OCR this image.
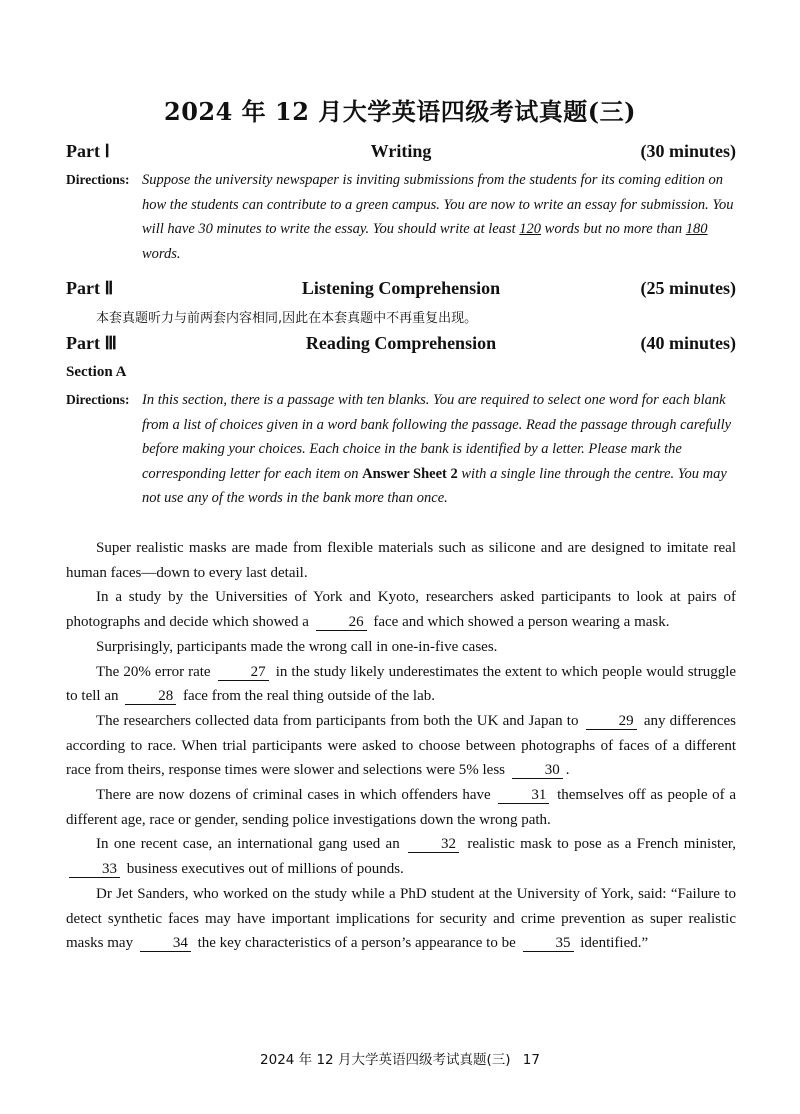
2024 年 12 月大学英语四级考试真题(三)
Writing
Part Ⅰ	(30 minutes)
Directions: Suppose the university newspaper is inviting submissions from the students for its coming edition on how the students can contribute to a green campus. You are now to write an essay for submission. You will have 30 minutes to write the essay. You should write at least 120 words but no more than 180 words.
Listening Comprehension
Part Ⅱ	(25 minutes)
本套真题听力与前两套内容相同,因此在本套真题中不再重复出现。
Reading Comprehension
Part Ⅲ	(40 minutes)
Section A
Directions: In this section, there is a passage with ten blanks. You are required to select one word for each blank from a list of choices given in a word bank following the passage. Read the passage through carefully before making your choices. Each choice in the bank is identified by a letter. Please mark the corresponding letter for each item on Answer Sheet 2 with a single line through the centre. You may not use any of the words in the bank more than once.

Super realistic masks are made from flexible materials such as silicone and are designed to imitate real human faces—down to every last detail.

In a study by the Universities of York and Kyoto, researchers asked participants to look at pairs of photographs and decide which showed a	26 face and which showed a person wearing a mask.

Surprisingly, participants made the wrong call in one-in-five cases.

The 20% error rate	27 in the study likely underestimates the extent to which people would struggle to tell an	28 face from the real thing outside of the lab.

The researchers collected data from participants from both the UK and Japan to	29 any differences according to race. When trial participants were asked to choose between photographs of faces of a different race from theirs, response times were slower and selections were 5% less	30 .

There are now dozens of criminal cases in which offenders have	31 themselves off as people of a different age, race or gender, sending police investigations down the wrong path.

In one recent case, an international gang used an	32 realistic mask to pose as a French minister, 33 business executives out of millions of pounds.

Dr Jet Sanders, who worked on the study while a PhD student at the University of York, said: “Failure to detect synthetic faces may have important implications for security and crime prevention as super realistic masks may	34 the key characteristics of a person’s appearance to be	35 identified.”

2024 年 12 月大学英语四级考试真题(三) 17
